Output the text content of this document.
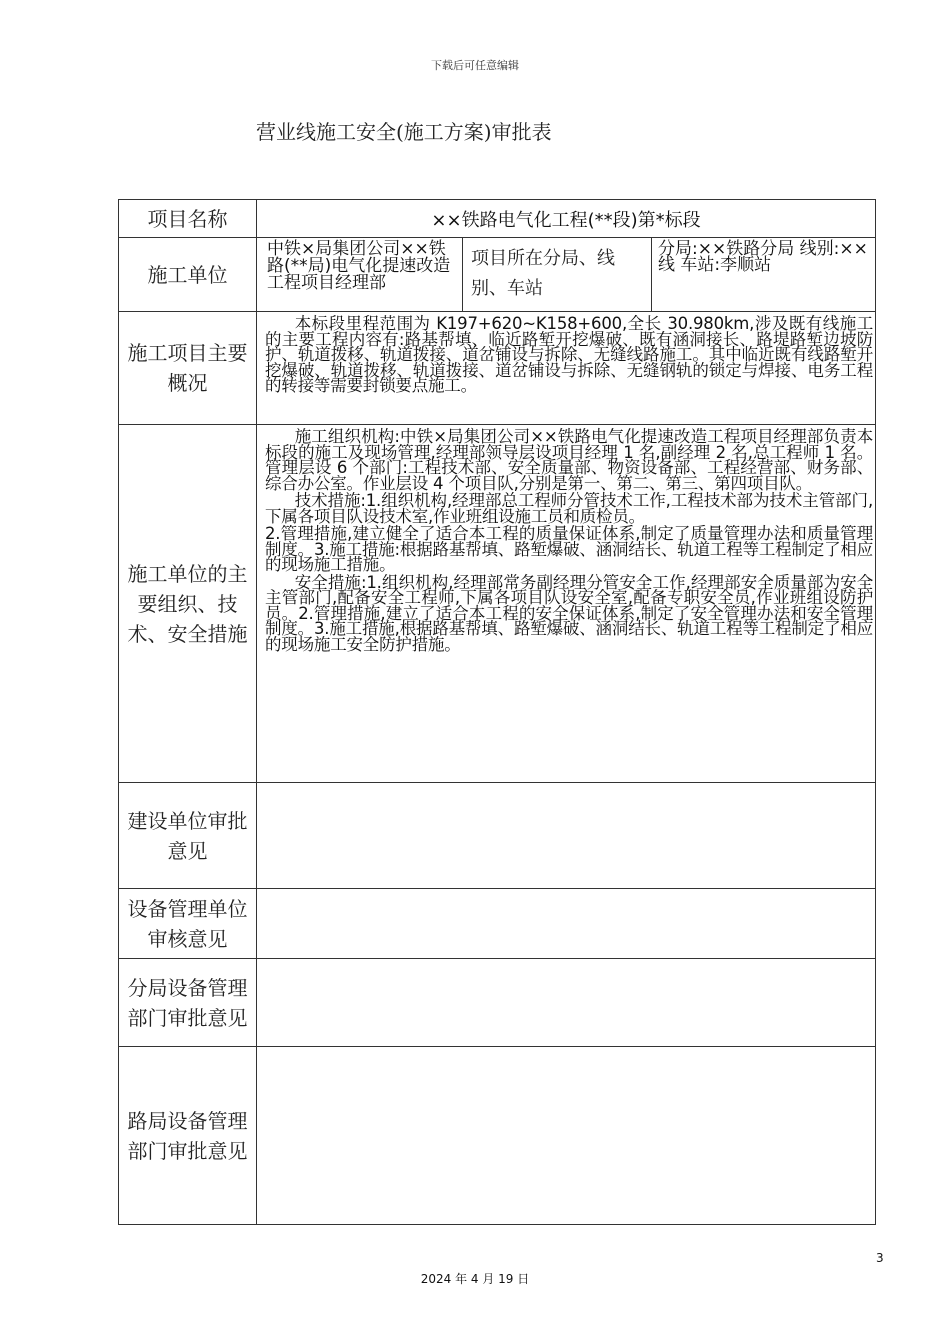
下载后可任意编辑
营业线施工安全(施工方案)审批表
项目名称	××铁路电气化工程(**段)第*标段		
施工单位	中铁×局集团公司××铁路(**局)电气化提速改造工程项目经理部	项目所在分局、线 别、车站	分局:××铁路分局 线别:××线 车站:李顺站
施工项目主要概况	本标段里程范围为 K197+620~K158+600,全长 30.980km,涉及既有线施工的主要工程内容有:路基帮填、临近路堑开挖爆破、既有涵洞接长、路堤路堑边坡防护、轨道拨移、轨道拨接、道岔铺设与拆除、无缝线路施工。其中临近既有线路堑开挖爆破、轨道拨移、轨道拨接、道岔铺设与拆除、无缝钢轨的锁定与焊接、电务工程的转接等需要封锁要点施工。		

施工单位的主要组织、技术、安全措施	施工组织机构:中铁×局集团公司××铁路电气化提速改造工程项目经理部负责本标段的施工及现场管理,经理部领导层设项目经理 1 名,副经理 2 名,总工程师 1 名。管理层设 6 个部门:工程技术部、安全质量部、物资设备部、工程经营部、财务部、综合办公室。作业层设 4 个项目队,分别是第一、第二、第三、第四项目队。

技术措施:1.组织机构,经理部总工程师分管技术工作,工程技术部为技术主管部门,下属各项目队设技术室,作业班组设施工员和质检员。

2.管理措施,建立健全了适合本工程的质量保证体系,制定了质量管理办法和质量管理制度。3.施工措施:根据路基帮填、路堑爆破、涵洞结长、轨道工程等工程制定了相应的现场施工措施。

安全措施:1.组织机构,经理部常务副经理分管安全工作,经理部安全质量部为安全主管部门,配备安全工程师,下属各项目队设安全室,配备专职安全员,作业班组设防护员。2.管理措施,建立了适合本工程的安全保证体系,制定了安全管理办法和安全管理制度。3.施工措施,根据路基帮填、路堑爆破、涵洞结长、轨道工程等工程制定了相应的现场施工安全防护措施。		

建设单位审批意见			
设备管理单位审核意见			
分局设备管理部门审批意见			
路局设备管理部门审批意见			
3
2024 年 4 月 19 日
